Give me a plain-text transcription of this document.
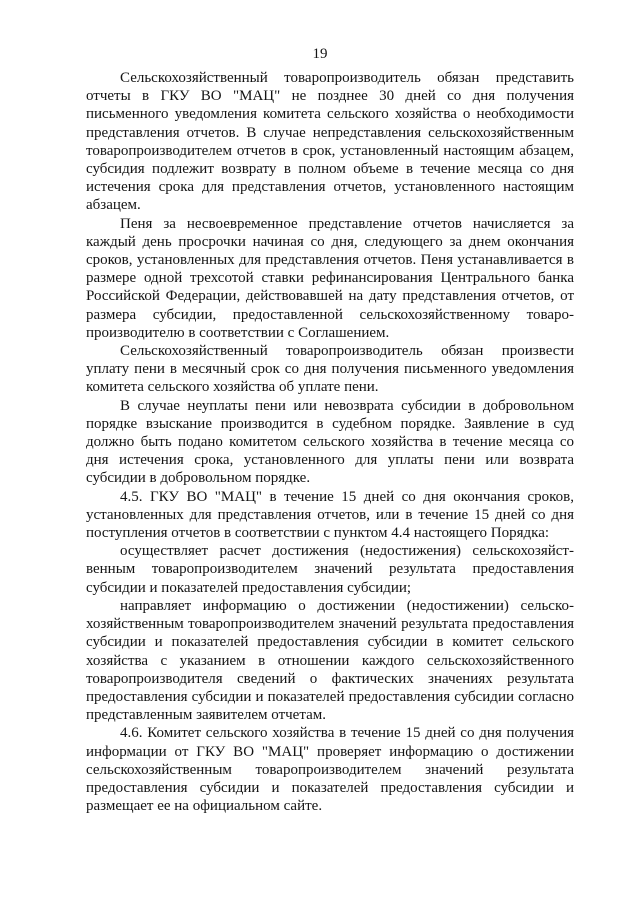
19

Сельскохозяйственный товаропроизводитель обязан представить отчеты в ГКУ ВО "МАЦ" не позднее 30 дней со дня получения письменного уведомления комитета сельского хозяйства о необходимости представления отчетов. В случае непредставления сельскохозяйственным товаропроизводителем отчетов в срок, установленный настоящим абзацем, субсидия подлежит возврату в полном объеме в течение месяца со дня истечения срока для представления отчетов, установленного настоящим абзацем.

Пеня за несвоевременное представление отчетов начисляется за каждый день просрочки начиная со дня, следующего за днем окончания сроков, установленных для представления отчетов. Пеня устанавливается в размере одной трехсотой ставки рефинансирования Центрального банка Российской Федерации, действовавшей на дату представления отчетов, от размера субсидии, предоставленной сельскохозяйственному товаропроизводителю в соответствии с Соглашением.

Сельскохозяйственный товаропроизводитель обязан произвести уплату пени в месячный срок со дня получения письменного уведомления комитета сельского хозяйства об уплате пени.

В случае неуплаты пени или невозврата субсидии в добровольном порядке взыскание производится в судебном порядке. Заявление в суд должно быть подано комитетом сельского хозяйства в течение месяца со дня истечения срока, установленного для уплаты пени или возврата субсидии в добровольном порядке.

4.5. ГКУ ВО "МАЦ" в течение 15 дней со дня окончания сроков, установленных для представления отчетов, или в течение 15 дней со дня поступления отчетов в соответствии с пунктом 4.4 настоящего Порядка:

осуществляет расчет достижения (недостижения) сельскохозяйственным товаропроизводителем значений результата предоставления субсидии и показателей предоставления субсидии;

направляет информацию о достижении (недостижении) сельскохозяйственным товаропроизводителем значений результата предоставления субсидии и показателей предоставления субсидии в комитет сельского хозяйства с указанием в отношении каждого сельскохозяйственного товаропроизводителя сведений о фактических значениях результата предоставления субсидии и показателей предоставления субсидии согласно представленным заявителем отчетам.

4.6. Комитет сельского хозяйства в течение 15 дней со дня получения информации от ГКУ ВО "МАЦ" проверяет информацию о достижении сельскохозяйственным товаропроизводителем значений результата предоставления субсидии и показателей предоставления субсидии и размещает ее на официальном сайте.
